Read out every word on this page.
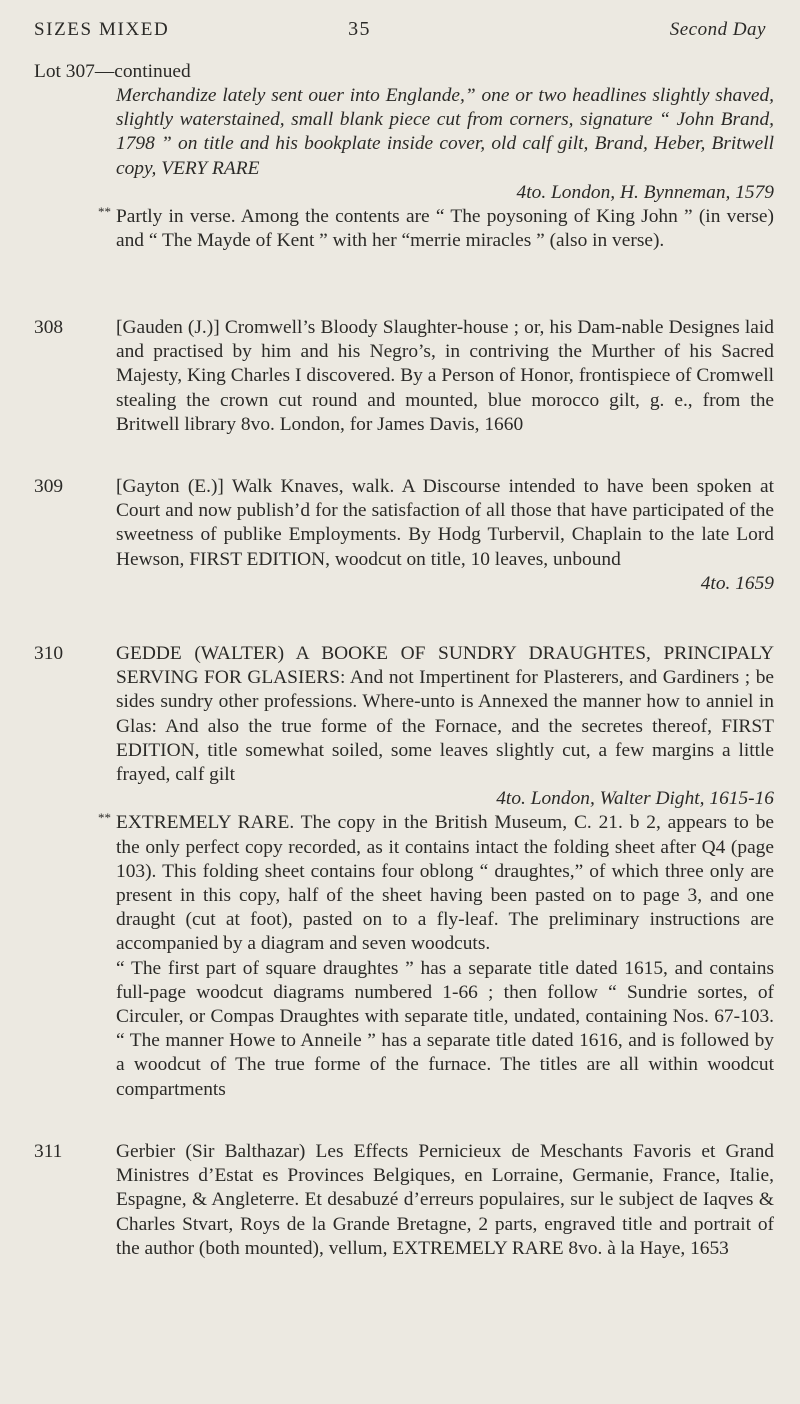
SIZES MIXED	35	Second Day
Lot 307—continued

Merchandize lately sent ouer into Englande,” one or two headlines slightly shaved, slightly waterstained, small blank piece cut from corners, signature “ John Brand, 1798 ” on title and his bookplate inside cover, old calf gilt, Brand, Heber, Britwell copy, VERY RARE

4to. London, H. Bynneman, 1579

** Partly in verse. Among the contents are “ The poysoning of King John ” (in verse) and “ The Mayde of Kent ” with her “merrie miracles ” (also in verse).

308	[Gauden (J.)] Cromwell’s Bloody Slaughter-house ; or, his Dam-nable Designes laid and practised by him and his Negro’s, in contriving the Murther of his Sacred Majesty, King Charles I discovered. By a Person of Honor, frontispiece of Cromwell stealing the crown cut round and mounted, blue morocco gilt, g. e., from the Britwell library 8vo. London, for James Davis, 1660

309	[Gayton (E.)] Walk Knaves, walk. A Discourse intended to have been spoken at Court and now publish’d for the satisfaction of all those that have participated of the sweetness of publike Employments. By Hodg Turbervil, Chaplain to the late Lord Hewson, FIRST EDITION, woodcut on title, 10 leaves, unbound

4to. 1659

310	GEDDE (WALTER) A BOOKE OF SUNDRY DRAUGHTES, PRINCIPALY SERVING FOR GLASIERS: And not Impertinent for Plasterers, and Gardiners ; be sides sundry other professions. Where-unto is Annexed the manner how to anniel in Glas: And also the true forme of the Fornace, and the secretes thereof, FIRST EDITION, title somewhat soiled, some leaves slightly cut, a few margins a little frayed, calf gilt

4to. London, Walter Dight, 1615-16

** EXTREMELY RARE. The copy in the British Museum, C. 21. b 2, appears to be the only perfect copy recorded, as it contains intact the folding sheet after Q4 (page 103). This folding sheet contains four oblong “ draughtes,” of which three only are present in this copy, half of the sheet having been pasted on to page 3, and one draught (cut at foot), pasted on to a fly-leaf. The preliminary instructions are accompanied by a diagram and seven woodcuts.

“ The first part of square draughtes ” has a separate title dated 1615, and contains full-page woodcut diagrams numbered 1-66 ; then follow “ Sundrie sortes, of Circuler, or Compas Draughtes with separate title, undated, containing Nos. 67-103. “ The manner Howe to Anneile ” has a separate title dated 1616, and is followed by a woodcut of The true forme of the furnace. The titles are all within woodcut compartments

311	Gerbier (Sir Balthazar) Les Effects Pernicieux de Meschants Favoris et Grand Ministres d’Estat es Provinces Belgiques, en Lorraine, Germanie, France, Italie, Espagne, & Angleterre. Et desabuzé d’erreurs populaires, sur le subject de Iaqves & Charles Stvart, Roys de la Grande Bretagne, 2 parts, engraved title and portrait of the author (both mounted), vellum, EXTREMELY RARE 8vo. à la Haye, 1653
